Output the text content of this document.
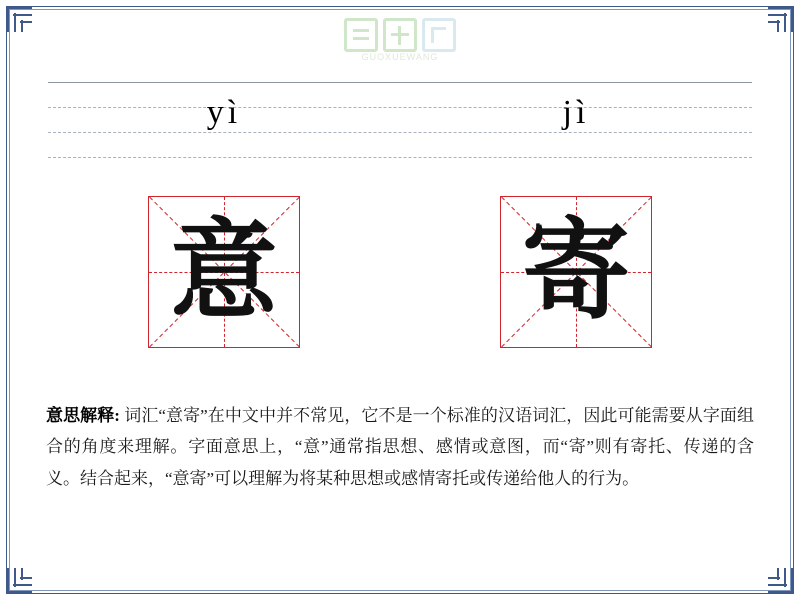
GUOXUEWANG
yì	jì
意 寄
意思解释: 词汇“意寄”在中文中并不常见，它不是一个标准的汉语词汇，因此可能需要从字面组合的角度来理解。字面意思上，“意”通常指思想、感情或意图，而“寄”则有寄托、传递的含义。结合起来，“意寄”可以理解为将某种思想或感情寄托或传递给他人的行为。
